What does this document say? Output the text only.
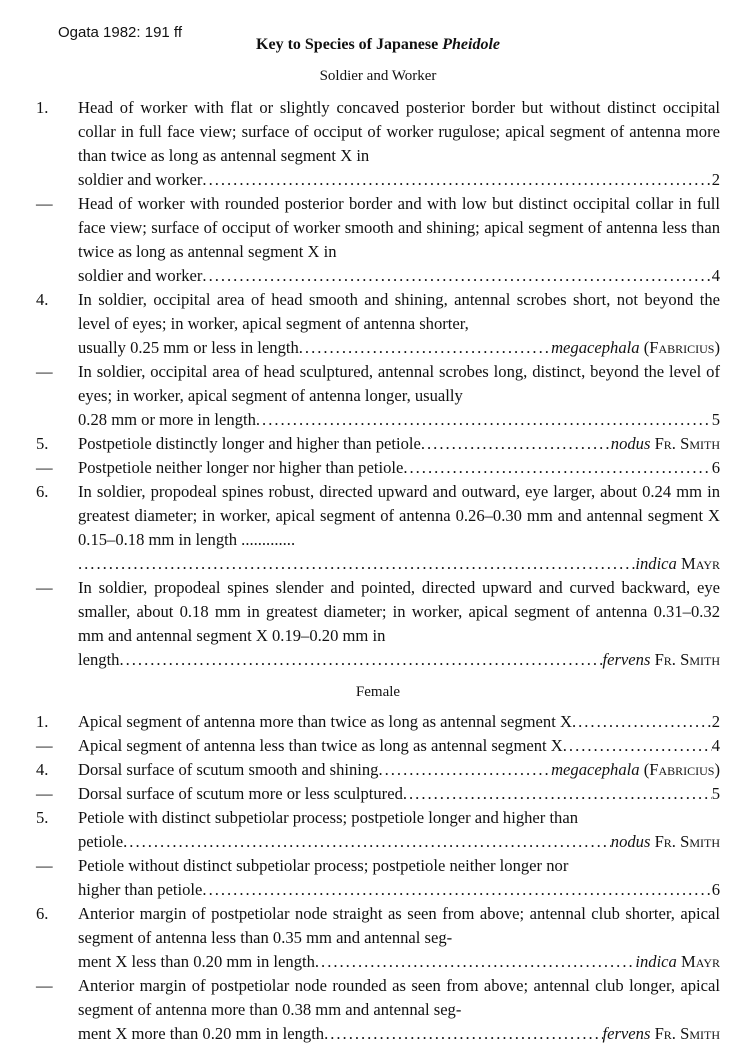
Ogata 1982: 191 ff
Key to Species of Japanese Pheidole
Soldier and Worker
1.	Head of worker with flat or slightly concaved posterior border but without distinct occipital collar in full face view; surface of occiput of worker rugulose; apical segment of antenna more than twice as long as antennal segment X in
soldier and worker .....	2
—	Head of worker with rounded posterior border and with low but distinct occipital collar in full face view; surface of occiput of worker smooth and shining; apical segment of antenna less than twice as long as antennal segment X in
soldier and worker .....	4
4.	In soldier, occipital area of head smooth and shining, antennal scrobes short, not beyond the level of eyes; in worker, apical segment of antenna shorter,
usually 0.25 mm or less in length .....	megacephala (Fabricius)
—	In soldier, occipital area of head sculptured, antennal scrobes long, distinct, beyond the level of eyes; in worker, apical segment of antenna longer, usually
0.28 mm or more in length .....	5
5.	Postpetiole distinctly longer and higher than petiole .....	nodus Fr. Smith
—	Postpetiole neither longer nor higher than petiole .....	6
6.	In soldier, propodeal spines robust, directed upward and outward, eye larger, about 0.24 mm in greatest diameter; in worker, apical segment of antenna 0.26–0.30 mm and antennal segment X 0.15–0.18 mm in length .............
.....
indica Mayr
—	In soldier, propodeal spines slender and pointed, directed upward and curved backward, eye smaller, about 0.18 mm in greatest diameter; in worker, apical segment of antenna 0.31–0.32 mm and antennal segment X 0.19–0.20 mm in
length .....	fervens Fr. Smith
Female
1.	Apical segment of antenna more than twice as long as antennal segment X .....	2
—	Apical segment of antenna less than twice as long as antennal segment X .....	4
4.	Dorsal surface of scutum smooth and shining .....	megacephala (Fabricius)
—	Dorsal surface of scutum more or less sculptured .....	5
5.	Petiole with distinct subpetiolar process; postpetiole longer and higher than
petiole .....	nodus Fr. Smith
—	Petiole without distinct subpetiolar process; postpetiole neither longer nor
higher than petiole .....	6
6.	Anterior margin of postpetiolar node straight as seen from above; antennal club shorter, apical segment of antenna less than 0.35 mm and antennal seg-
ment X less than 0.20 mm in length .....	indica Mayr
—	Anterior margin of postpetiolar node rounded as seen from above; antennal club longer, apical segment of antenna more than 0.38 mm and antennal seg-
ment X more than 0.20 mm in length .....	fervens Fr. Smith
